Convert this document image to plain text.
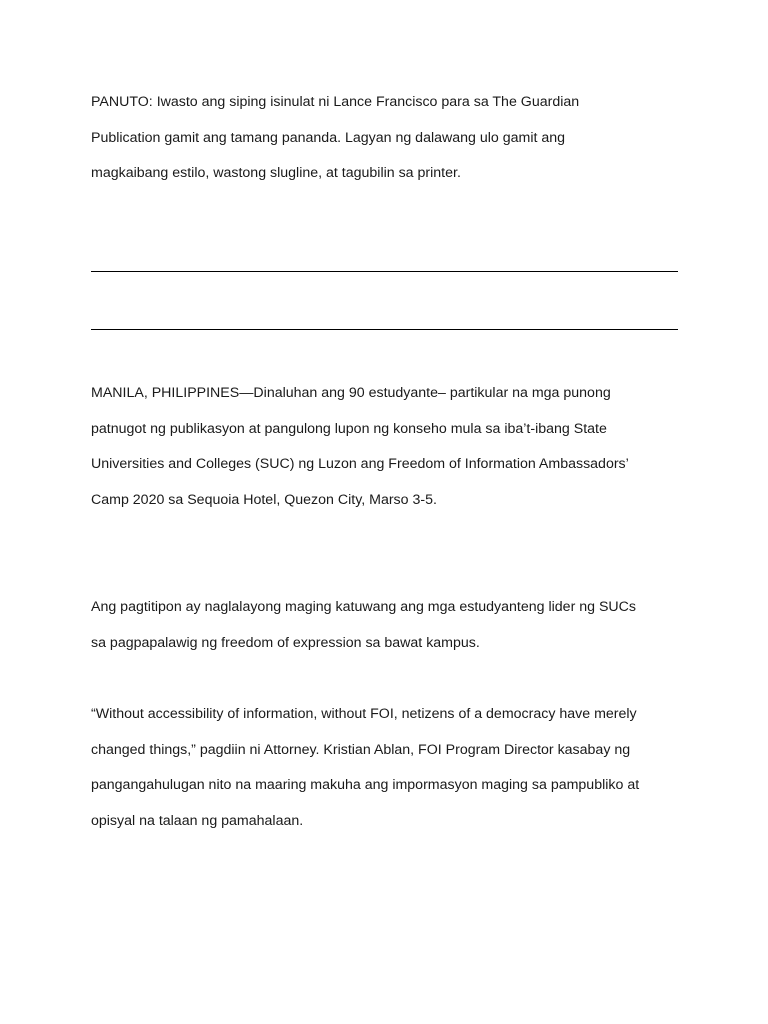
PANUTO: Iwasto ang siping isinulat ni Lance Francisco para sa The Guardian
Publication gamit ang tamang pananda. Lagyan ng dalawang ulo gamit ang
magkaibang estilo, wastong slugline, at tagubilin sa printer.

MANILA, PHILIPPINES—Dinaluhan ang 90 estudyante– partikular na mga punong
patnugot ng publikasyon at pangulong lupon ng konseho mula sa iba’t-ibang State
Universities and Colleges (SUC) ng Luzon ang Freedom of Information Ambassadors’
Camp 2020 sa Sequoia Hotel, Quezon City, Marso 3-5.

Ang pagtitipon ay naglalayong maging katuwang ang mga estudyanteng lider ng SUCs
sa pagpapalawig ng freedom of expression sa bawat kampus.

“Without accessibility of information, without FOI, netizens of a democracy have merely
changed things,” pagdiin ni Attorney. Kristian Ablan, FOI Program Director kasabay ng
pangangahulugan nito na maaring makuha ang impormasyon maging sa pampubliko at
opisyal na talaan ng pamahalaan.
